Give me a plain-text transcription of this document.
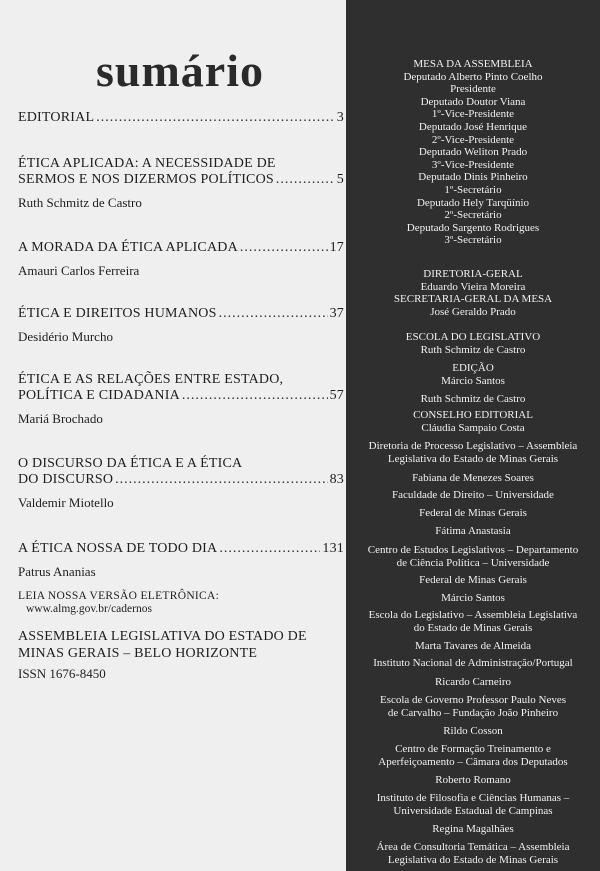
sumário
EDITORIAL .....	3
ÉTICA APLICADA: A NECESSIDADE DE
SERMOS E NOS DIZERMOS POLÍTICOS .....	5
Ruth Schmitz de Castro
A MORADA DA ÉTICA APLICADA .....	17
Amauri Carlos Ferreira
ÉTICA E DIREITOS HUMANOS .....	37
Desidério Murcho
ÉTICA E AS RELAÇÕES ENTRE ESTADO,
POLÍTICA E CIDADANIA .....	57
Mariá Brochado
O DISCURSO DA ÉTICA E A ÉTICA
DO DISCURSO .....	83
Valdemir Miotello
A ÉTICA NOSSA DE TODO DIA .....	131
Patrus Ananias
LEIA NOSSA VERSÃO ELETRÔNICA:
www.almg.gov.br/cadernos
ASSEMBLEIA LEGISLATIVA DO ESTADO DE
MINAS GERAIS – BELO HORIZONTE
ISSN 1676-8450
MESA DA ASSEMBLEIA
Deputado Alberto Pinto Coelho
Presidente
Deputado Doutor Viana
1º-Vice-Presidente
Deputado José Henrique
2º-Vice-Presidente
Deputado Weliton Prado
3º-Vice-Presidente
Deputado Dinis Pinheiro
1º-Secretário
Deputado Hely Tarqüínio
2º-Secretário
Deputado Sargento Rodrigues
3º-Secretário
DIRETORIA-GERAL
Eduardo Vieira Moreira
SECRETARIA-GERAL DA MESA
José Geraldo Prado
ESCOLA DO LEGISLATIVO
Ruth Schmitz de Castro
EDIÇÃO
Márcio Santos
Ruth Schmitz de Castro
CONSELHO EDITORIAL
Cláudia Sampaio Costa
Diretoria de Processo Legislativo – Assembleia
Legislativa do Estado de Minas Gerais
Fabiana de Menezes Soares
Faculdade de Direito – Universidade
Federal de Minas Gerais
Fátima Anastasia
Centro de Estudos Legislativos – Departamento
de Ciência Política – Universidade
Federal de Minas Gerais
Márcio Santos
Escola do Legislativo – Assembleia Legislativa
do Estado de Minas Gerais
Marta Tavares de Almeida
Instituto Nacional de Administração/Portugal
Ricardo Carneiro
Escola de Governo Professor Paulo Neves
de Carvalho – Fundação João Pinheiro
Rildo Cosson
Centro de Formação Treinamento e
Aperfeiçoamento – Câmara dos Deputados
Roberto Romano
Instituto de Filosofia e Ciências Humanas –
Universidade Estadual de Campinas
Regina Magalhães
Área de Consultoria Temática – Assembleia
Legislativa do Estado de Minas Gerais
